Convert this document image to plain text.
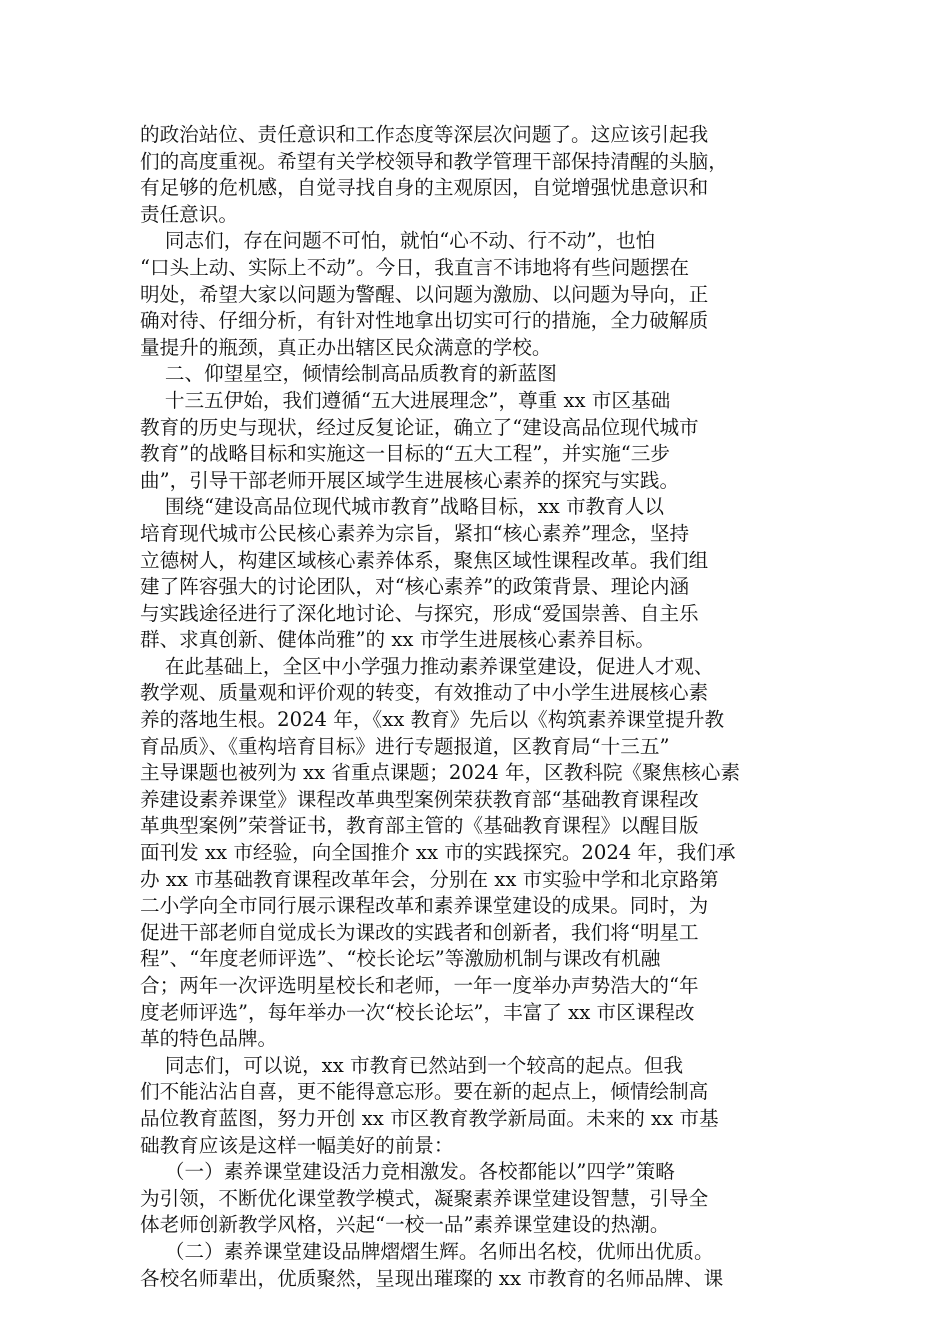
的政治站位、责任意识和工作态度等深层次问题了。这应该引起我
们的高度重视。希望有关学校领导和教学管理干部保持清醒的头脑，
有足够的危机感，自觉寻找自身的主观原因，自觉增强忧患意识和
责任意识。
同志们，存在问题不可怕，就怕“心不动、行不动”，也怕
“口头上动、实际上不动”。今日，我直言不讳地将有些问题摆在
明处，希望大家以问题为警醒、以问题为激励、以问题为导向，正
确对待、仔细分析，有针对性地拿出切实可行的措施，全力破解质
量提升的瓶颈，真正办出辖区民众满意的学校。
二、仰望星空，倾情绘制高品质教育的新蓝图
十三五伊始，我们遵循“五大进展理念”，尊重 xx 市区基础
教育的历史与现状，经过反复论证，确立了“建设高品位现代城市
教育”的战略目标和实施这一目标的“五大工程”，并实施“三步
曲”，引导干部老师开展区域学生进展核心素养的探究与实践。
围绕“建设高品位现代城市教育”战略目标，xx 市教育人以
培育现代城市公民核心素养为宗旨，紧扣“核心素养”理念，坚持
立德树人，构建区域核心素养体系，聚焦区域性课程改革。我们组
建了阵容强大的讨论团队，对“核心素养”的政策背景、理论内涵
与实践途径进行了深化地讨论、与探究，形成“爱国崇善、自主乐
群、求真创新、健体尚雅”的 xx 市学生进展核心素养目标。
在此基础上，全区中小学强力推动素养课堂建设，促进人才观、
教学观、质量观和评价观的转变，有效推动了中小学生进展核心素
养的落地生根。2024 年，《xx 教育》先后以《构筑素养课堂提升教
育品质》、《重构培育目标》进行专题报道，区教育局“十三五”
主导课题也被列为 xx 省重点课题；2024 年，区教科院《聚焦核心素
养建设素养课堂》课程改革典型案例荣获教育部“基础教育课程改
革典型案例”荣誉证书，教育部主管的《基础教育课程》以醒目版
面刊发 xx 市经验，向全国推介 xx 市的实践探究。2024 年，我们承
办 xx 市基础教育课程改革年会，分别在 xx 市实验中学和北京路第
二小学向全市同行展示课程改革和素养课堂建设的成果。同时，为
促进干部老师自觉成长为课改的实践者和创新者，我们将“明星工
程”、“年度老师评选”、“校长论坛”等激励机制与课改有机融
合；两年一次评选明星校长和老师，一年一度举办声势浩大的“年
度老师评选”，每年举办一次“校长论坛”，丰富了 xx 市区课程改
革的特色品牌。
同志们，可以说，xx 市教育已然站到一个较高的起点。但我
们不能沾沾自喜，更不能得意忘形。要在新的起点上，倾情绘制高
品位教育蓝图，努力开创 xx 市区教育教学新局面。未来的 xx 市基
础教育应该是这样一幅美好的前景：
（一）素养课堂建设活力竞相激发。各校都能以”四学”策略
为引领，不断优化课堂教学模式，凝聚素养课堂建设智慧，引导全
体老师创新教学风格，兴起“一校一品”素养课堂建设的热潮。
（二）素养课堂建设品牌熠熠生辉。名师出名校，优师出优质。
各校名师辈出，优质聚然，呈现出璀璨的 xx 市教育的名师品牌、课
